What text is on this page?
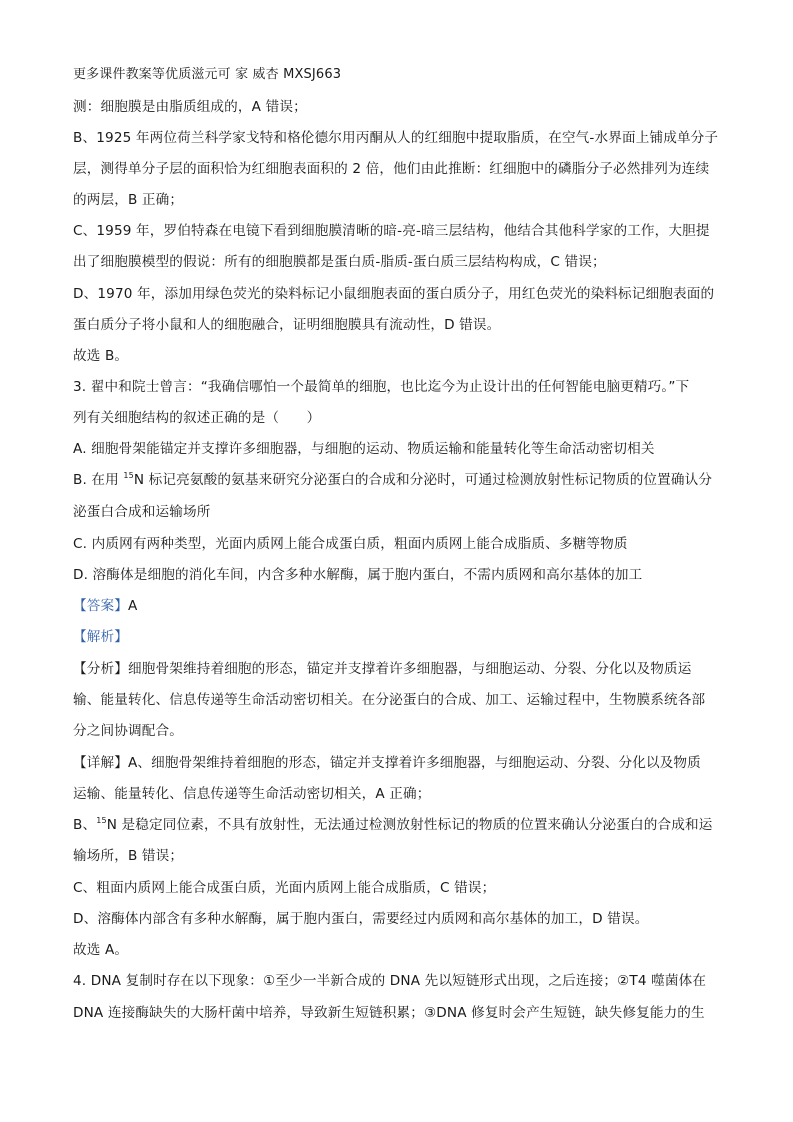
更多课件教案等优质滋元可 家 威杏 MXSJ663
测：细胞膜是由脂质组成的，A 错误；
B、1925 年两位荷兰科学家戈特和格伦德尔用丙酮从人的红细胞中提取脂质，在空气-水界面上铺成单分子
层，测得单分子层的面积恰为红细胞表面积的 2 倍，他们由此推断：红细胞中的磷脂分子必然排列为连续
的两层，B 正确；
C、1959 年，罗伯特森在电镜下看到细胞膜清晰的暗-亮-暗三层结构，他结合其他科学家的工作，大胆提
出了细胞膜模型的假说：所有的细胞膜都是蛋白质-脂质-蛋白质三层结构构成，C 错误；
D、1970 年，添加用绿色荧光的染料标记小鼠细胞表面的蛋白质分子，用红色荧光的染料标记细胞表面的
蛋白质分子将小鼠和人的细胞融合，证明细胞膜具有流动性，D 错误。
故选 B。
3. 翟中和院士曾言：“我确信哪怕一个最简单的细胞，也比迄今为止设计出的任何智能电脑更精巧。”下
列有关细胞结构的叙述正确的是（　　）
A. 细胞骨架能锚定并支撑许多细胞器，与细胞的运动、物质运输和能量转化等生命活动密切相关
B. 在用 $^{15}$N 标记亮氨酸的氨基来研究分泌蛋白的合成和分泌时，可通过检测放射性标记物质的位置确认分
泌蛋白合成和运输场所
C. 内质网有两种类型，光面内质网上能合成蛋白质，粗面内质网上能合成脂质、多糖等物质
D. 溶酶体是细胞的消化车间，内含多种水解酶，属于胞内蛋白，不需内质网和高尔基体的加工
【答案】A
【解析】
【分析】细胞骨架维持着细胞的形态，锚定并支撑着许多细胞器，与细胞运动、分裂、分化以及物质运
输、能量转化、信息传递等生命活动密切相关。在分泌蛋白的合成、加工、运输过程中，生物膜系统各部
分之间协调配合。
【详解】A、细胞骨架维持着细胞的形态，锚定并支撑着许多细胞器，与细胞运动、分裂、分化以及物质
运输、能量转化、信息传递等生命活动密切相关，A 正确；
B、$^{15}$N 是稳定同位素，不具有放射性，无法通过检测放射性标记的物质的位置来确认分泌蛋白的合成和运
输场所，B 错误；
C、粗面内质网上能合成蛋白质，光面内质网上能合成脂质，C 错误；
D、溶酶体内部含有多种水解酶，属于胞内蛋白，需要经过内质网和高尔基体的加工，D 错误。
故选 A。
4. DNA 复制时存在以下现象：①至少一半新合成的 DNA 先以短链形式出现，之后连接；②T4 噬菌体在
DNA 连接酶缺失的大肠杆菌中培养，导致新生短链积累；③DNA 修复时会产生短链，缺失修复能力的生
